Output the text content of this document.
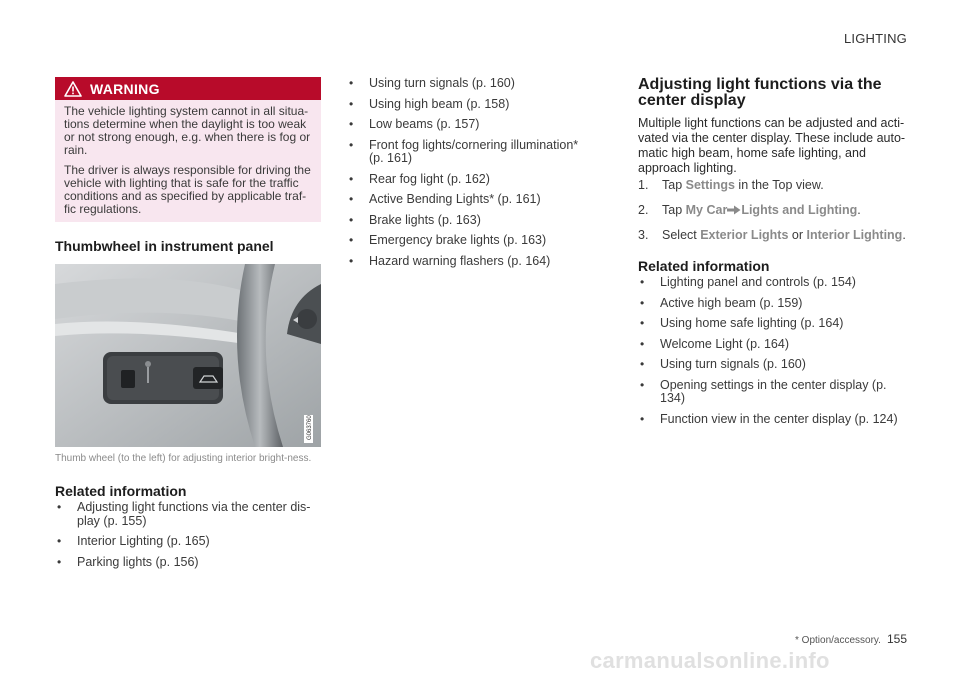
LIGHTING
WARNING

The vehicle lighting system cannot in all situa-tions determine when the daylight is too weak or not strong enough, e.g. when there is fog or rain.

The driver is always responsible for driving the vehicle with lighting that is safe for the traffic conditions and as specified by applicable traf-fic regulations.

Thumbwheel in instrument panel
G063760

Thumb wheel (to the left) for adjusting interior bright-ness.

Related information
• Adjusting light functions via the center dis-play (p. 155)
• Interior Lighting (p. 165)
• Parking lights (p. 156)
• Using turn signals (p. 160)
• Using high beam (p. 158)
• Low beams (p. 157)
• Front fog lights/cornering illumination* (p. 161)
• Rear fog light (p. 162)
• Active Bending Lights* (p. 161)
• Brake lights (p. 163)
• Emergency brake lights (p. 163)
• Hazard warning flashers (p. 164)
Adjusting light functions via the
center display

Multiple light functions can be adjusted and acti-vated via the center display. These include auto-matic high beam, home safe lighting, and approach lighting.

1. Tap Settings in the Top view.
2. Tap My Car Lights and Lighting.
3. Select Exterior Lights or Interior Lighting.
Related information
• Lighting panel and controls (p. 154)
• Active high beam (p. 159)
• Using home safe lighting (p. 164)
• Welcome Light (p. 164)
• Using turn signals (p. 160)
• Opening settings in the center display (p. 134)
• Function view in the center display (p. 124)
* Option/accessory. 155
carmanualsonline.info
